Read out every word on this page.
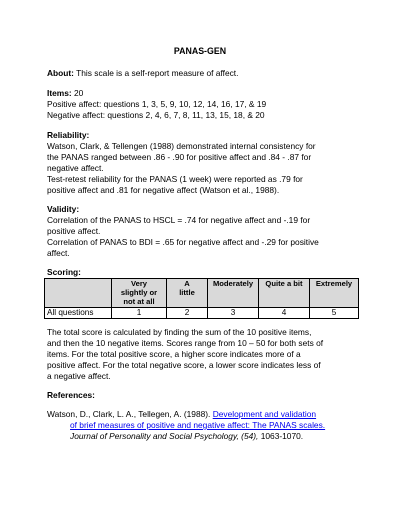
PANAS-GEN
About: This scale is a self-report measure of affect.
Items: 20
Positive affect: questions 1, 3, 5, 9, 10, 12, 14, 16, 17, & 19
Negative affect: questions 2, 4, 6, 7, 8, 11, 13, 15, 18, & 20
Reliability:
Watson, Clark, & Tellengen (1988) demonstrated internal consistency for
the PANAS ranged between .86 - .90 for positive affect and .84 - .87 for
negative affect.
Test-retest reliability for the PANAS (1 week) were reported as .79 for
positive affect and .81 for negative affect (Watson et al., 1988).
Validity:
Correlation of the PANAS to HSCL = .74 for negative affect and -.19 for
positive affect.
Correlation of PANAS to BDI = .65 for negative affect and -.29 for positive
affect.
Scoring:
	Very
slightly or
not at all	A
little	Moderately	Quite a bit	Extremely
All questions	1	2	3	4	5
The total score is calculated by finding the sum of the 10 positive items,
and then the 10 negative items. Scores range from 10 – 50 for both sets of
items. For the total positive score, a higher score indicates more of a
positive affect. For the total negative score, a lower score indicates less of
a negative affect.
References:
Watson, D., Clark, L. A., Tellegen, A. (1988). Development and validation
of brief measures of positive and negative affect: The PANAS scales.
Journal of Personality and Social Psychology, (54), 1063-1070.
